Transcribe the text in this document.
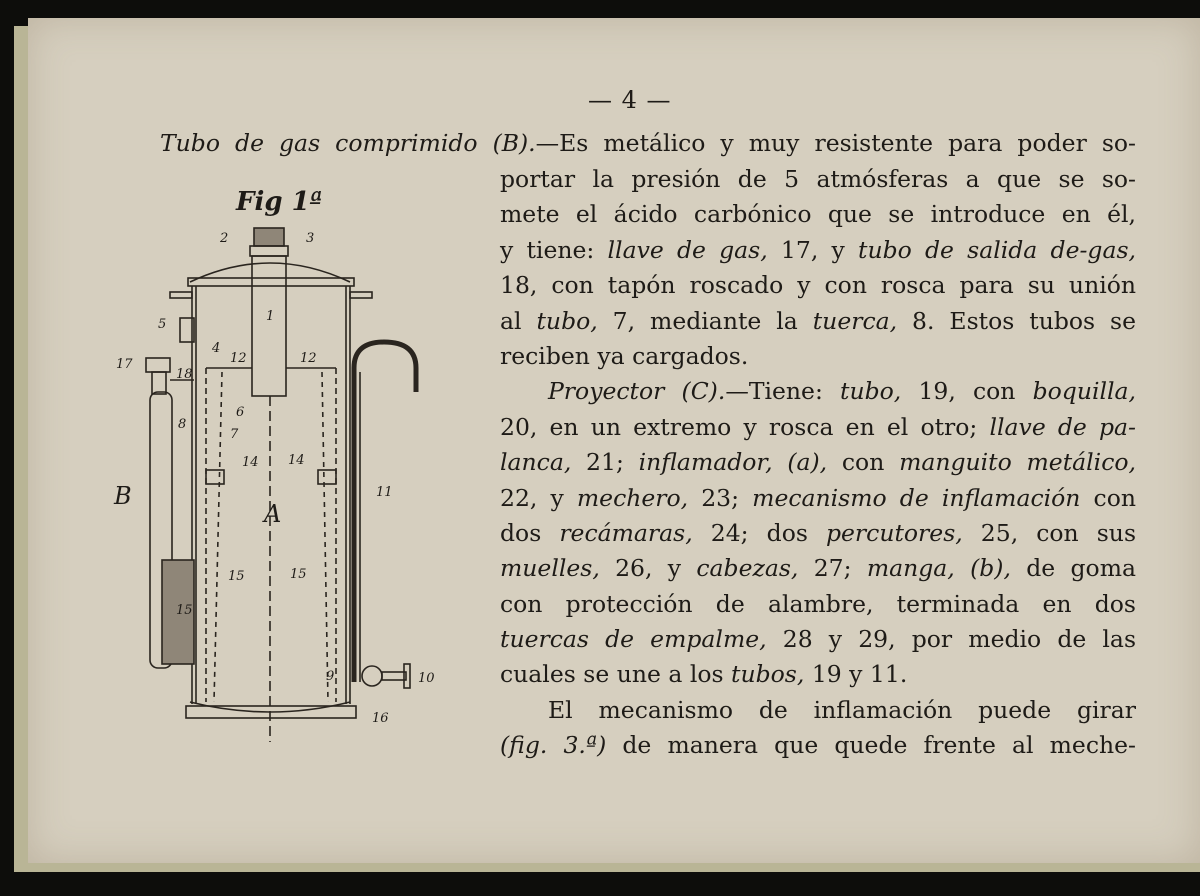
— 4 —
Tubo de gas comprimido (B).—Es metálico y muy resistente para poder so-
portar la presión de 5 atmósferas a que se so-
mete el ácido carbónico que se introduce en él,
y tiene: llave de gas, 17, y tubo de salida de-gas,
18, con tapón roscado y con rosca para su unión
al tubo, 7, mediante la tuerca, 8. Estos tubos se
reciben ya cargados.
Proyector (C).—Tiene: tubo, 19, con boquilla,
20, en un extremo y rosca en el otro; llave de pa-
lanca, 21; inflamador, (a), con manguito metálico,
22, y mechero, 23; mecanismo de inflamación con
dos recámaras, 24; dos percutores, 25, con sus
muelles, 26, y cabezas, 27; manga, (b), de goma
con protección de alambre, terminada en dos
tuercas de empalme, 28 y 29, por medio de las
cuales se une a los tubos, 19 y 11.
El mecanismo de inflamación puede girar
(fig. 3.ª) de manera que quede frente al meche-
Fig 1ª
2	3
5
17
18
4
12	12
1
6
7
8
14 14
11
15	15
15
9	10
16
A
B
